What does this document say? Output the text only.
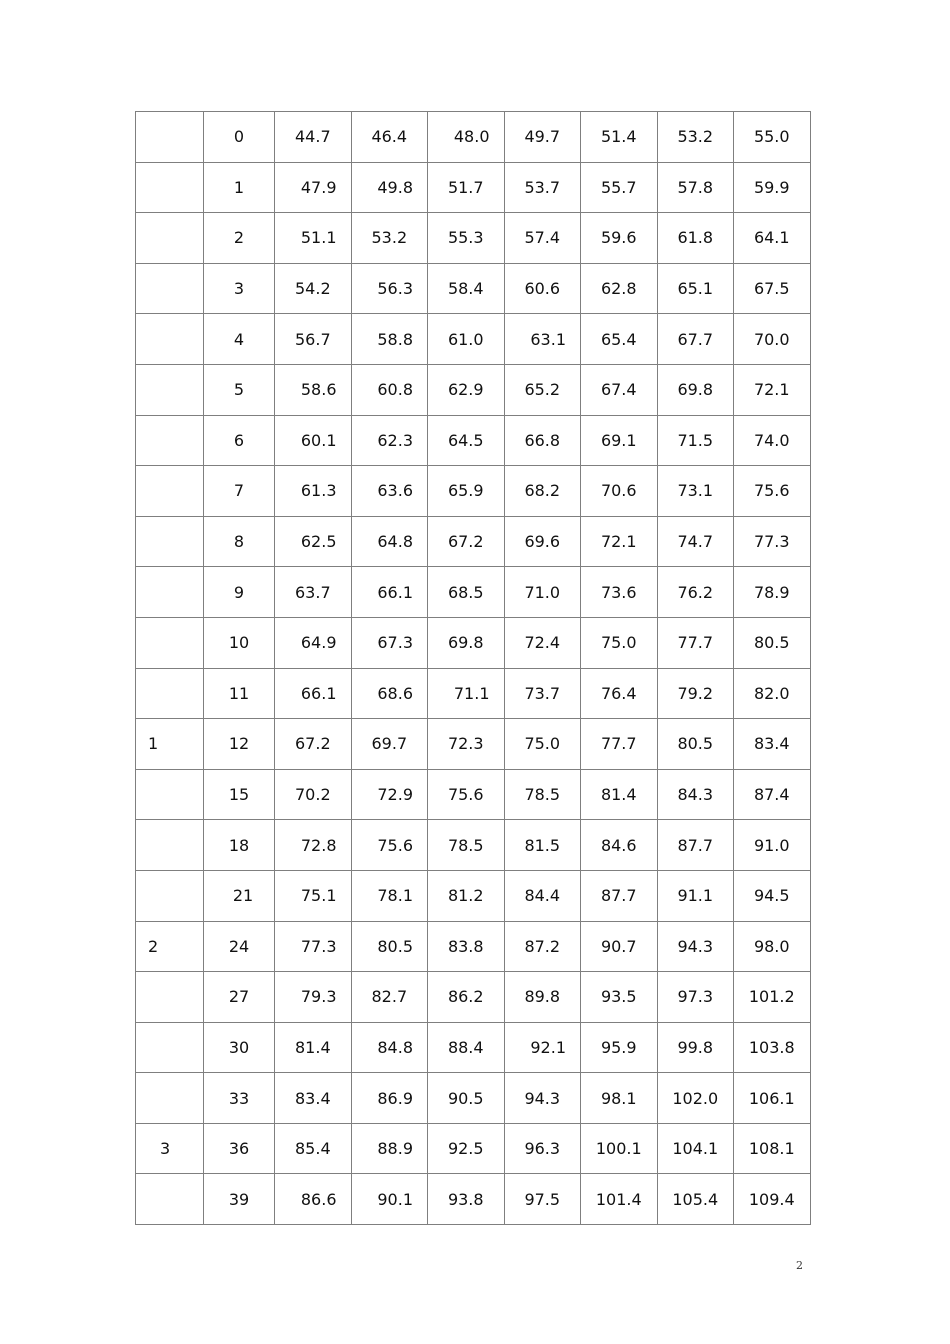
	0	44.7	46.4	48.0	49.7	51.4	53.2	55.0
	1	47.9	49.8	51.7	53.7	55.7	57.8	59.9
	2	51.1	53.2	55.3	57.4	59.6	61.8	64.1
	3	54.2	56.3	58.4	60.6	62.8	65.1	67.5
	4	56.7	58.8	61.0	63.1	65.4	67.7	70.0
	5	58.6	60.8	62.9	65.2	67.4	69.8	72.1
	6	60.1	62.3	64.5	66.8	69.1	71.5	74.0
	7	61.3	63.6	65.9	68.2	70.6	73.1	75.6
	8	62.5	64.8	67.2	69.6	72.1	74.7	77.3
	9	63.7	66.1	68.5	71.0	73.6	76.2	78.9
	10	64.9	67.3	69.8	72.4	75.0	77.7	80.5
	11	66.1	68.6	71.1	73.7	76.4	79.2	82.0
1	12	67.2	69.7	72.3	75.0	77.7	80.5	83.4
	15	70.2	72.9	75.6	78.5	81.4	84.3	87.4
	18	72.8	75.6	78.5	81.5	84.6	87.7	91.0
	21	75.1	78.1	81.2	84.4	87.7	91.1	94.5
2	24	77.3	80.5	83.8	87.2	90.7	94.3	98.0
	27	79.3	82.7	86.2	89.8	93.5	97.3	101.2
	30	81.4	84.8	88.4	92.1	95.9	99.8	103.8
	33	83.4	86.9	90.5	94.3	98.1	102.0	106.1
3	36	85.4	88.9	92.5	96.3	100.1	104.1	108.1
	39	86.6	90.1	93.8	97.5	101.4	105.4	109.4
2
